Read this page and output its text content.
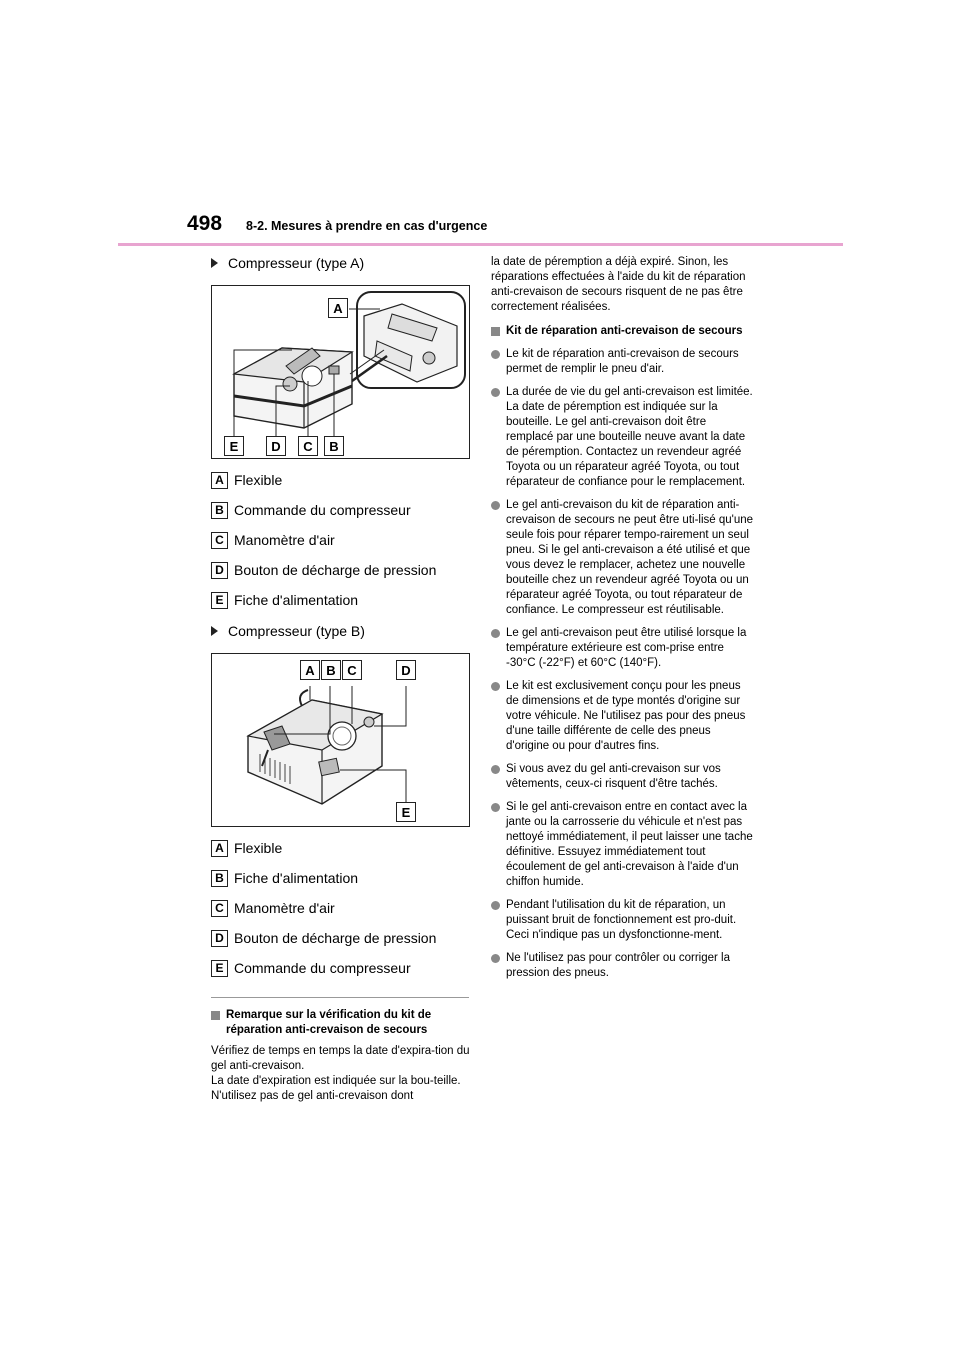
498 8-2. Mesures à prendre en cas d'urgence
Compresseur (type A)
A
E	D	C	B
A Flexible
B Commande du compresseur
C Manomètre d'air
D Bouton de décharge de pression
E Fiche d'alimentation
Compresseur (type B)
A B C	D
E
A Flexible
B Fiche d'alimentation
C Manomètre d'air
D Bouton de décharge de pression
E Commande du compresseur
Remarque sur la vérification du kit de réparation anti-crevaison de secours
Vérifiez de temps en temps la date d'expira-tion du gel anti-crevaison.
La date d'expiration est indiquée sur la bou-teille. N'utilisez pas de gel anti-crevaison dont
la date de péremption a déjà expiré. Sinon, les réparations effectuées à l'aide du kit de réparation anti-crevaison de secours risquent de ne pas être correctement réalisées.
Kit de réparation anti-crevaison de secours
Le kit de réparation anti-crevaison de secours permet de remplir le pneu d'air.
La durée de vie du gel anti-crevaison est limitée. La date de péremption est indiquée sur la bouteille. Le gel anti-crevaison doit être remplacé par une bouteille neuve avant la date de péremption. Contactez un revendeur agréé Toyota ou un réparateur agréé Toyota, ou tout réparateur de confiance pour le remplacement.
Le gel anti-crevaison du kit de réparation anti-crevaison de secours ne peut être uti-lisé qu'une seule fois pour réparer tempo-rairement un seul pneu. Si le gel anti-crevaison a été utilisé et que vous devez le remplacer, achetez une nouvelle bouteille chez un revendeur agréé Toyota ou un réparateur agréé Toyota, ou tout réparateur de confiance. Le compresseur est réutilisable.
Le gel anti-crevaison peut être utilisé lorsque la température extérieure est com-prise entre -30°C (-22°F) et 60°C (140°F).
Le kit est exclusivement conçu pour les pneus de dimensions et de type montés d'origine sur votre véhicule. Ne l'utilisez pas pour des pneus d'une taille différente de celle des pneus d'origine ou pour d'autres fins.
Si vous avez du gel anti-crevaison sur vos vêtements, ceux-ci risquent d'être tachés.
Si le gel anti-crevaison entre en contact avec la jante ou la carrosserie du véhicule et n'est pas nettoyé immédiatement, il peut laisser une tache définitive. Essuyez immédiatement tout écoulement de gel anti-crevaison à l'aide d'un chiffon humide.
Pendant l'utilisation du kit de réparation, un puissant bruit de fonctionnement est pro-duit. Ceci n'indique pas un dysfonctionne-ment.
Ne l'utilisez pas pour contrôler ou corriger la pression des pneus.
